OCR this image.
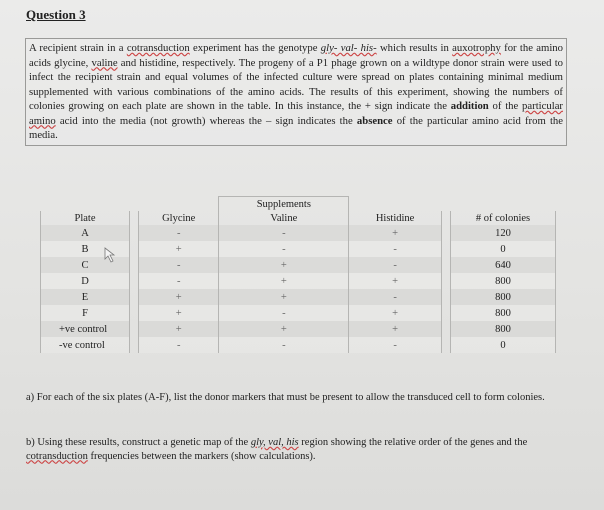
Question 3
A recipient strain in a cotransduction experiment has the genotype gly- val- his- which results in auxotrophy for the amino acids glycine, valine and histidine, respectively. The progeny of a P1 phage grown on a wildtype donor strain were used to infect the recipient strain and equal volumes of the infected culture were spread on plates containing minimal medium supplemented with various combinations of the amino acids. The results of this experiment, showing the numbers of colonies growing on each plate are shown in the table. In this instance, the + sign indicate the addition of the particular amino acid into the media (not growth) whereas the – sign indicates the absence of the particular amino acid from the media.
			Supplements			
Plate		Glycine	Valine	Histidine		# of colonies
A		-	-	+		120
B		+	-	-		0
C		-	+	-		640
D		-	+	+		800
E		+	+	-		800
F		+	-	+		800
+ve control		+	+	+		800
-ve control		-	-	-		0
a) For each of the six plates (A-F), list the donor markers that must be present to allow the transduced cell to form colonies.
b) Using these results, construct a genetic map of the gly, val, his region showing the relative order of the genes and the cotransduction frequencies between the markers (show calculations).
